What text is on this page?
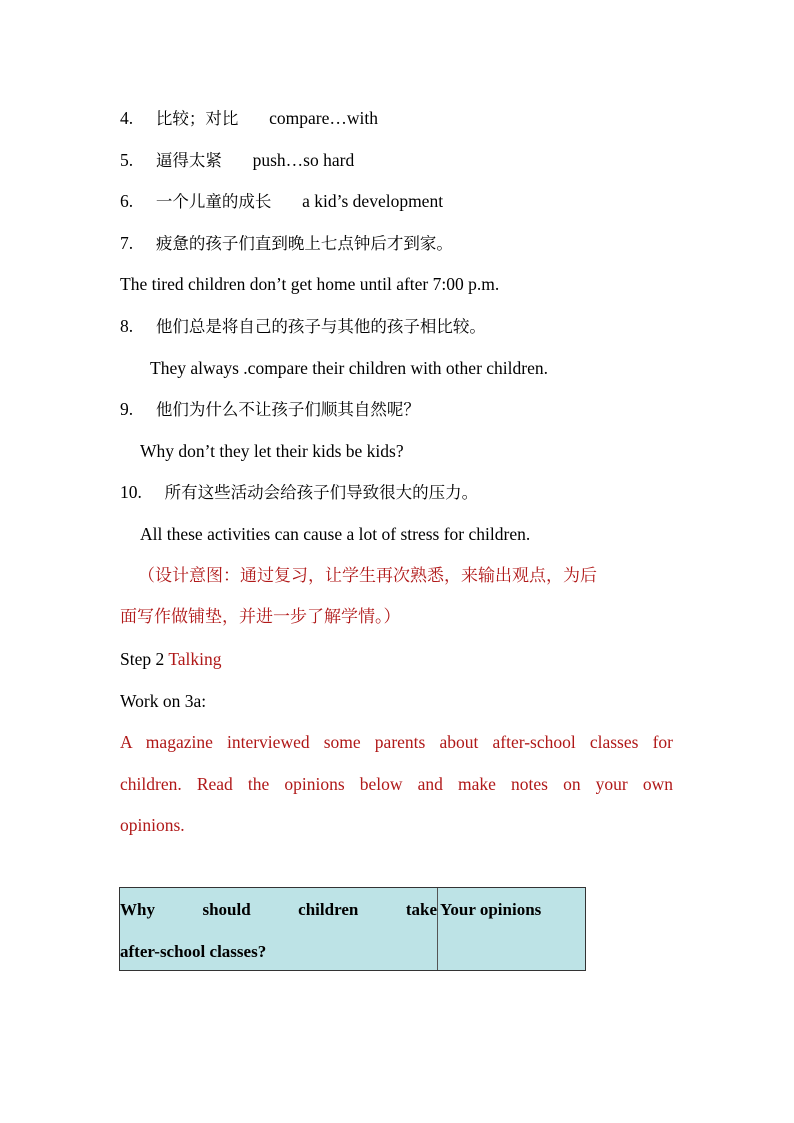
4. 比较；对比 compare…with
5. 逼得太紧 push…so hard
6. 一个儿童的成长 a kid’s development
7. 疲惫的孩子们直到晚上七点钟后才到家。
The tired children don’t get home until after 7:00 p.m.
8. 他们总是将自己的孩子与其他的孩子相比较。
They always .compare their children with other children.
9. 他们为什么不让孩子们顺其自然呢？
Why don’t they let their kids be kids?
10. 所有这些活动会给孩子们导致很大的压力。
All these activities can cause a lot of stress for children.
（设计意图：通过复习，让学生再次熟悉，来输出观点，为后
面写作做铺垫，并进一步了解学情。）
Step 2 Talking
Work on 3a:
A magazine interviewed some parents about after-school classes for
children. Read the opinions below and make notes on your own
opinions.
Why should children take
after-school classes?
Your opinions
